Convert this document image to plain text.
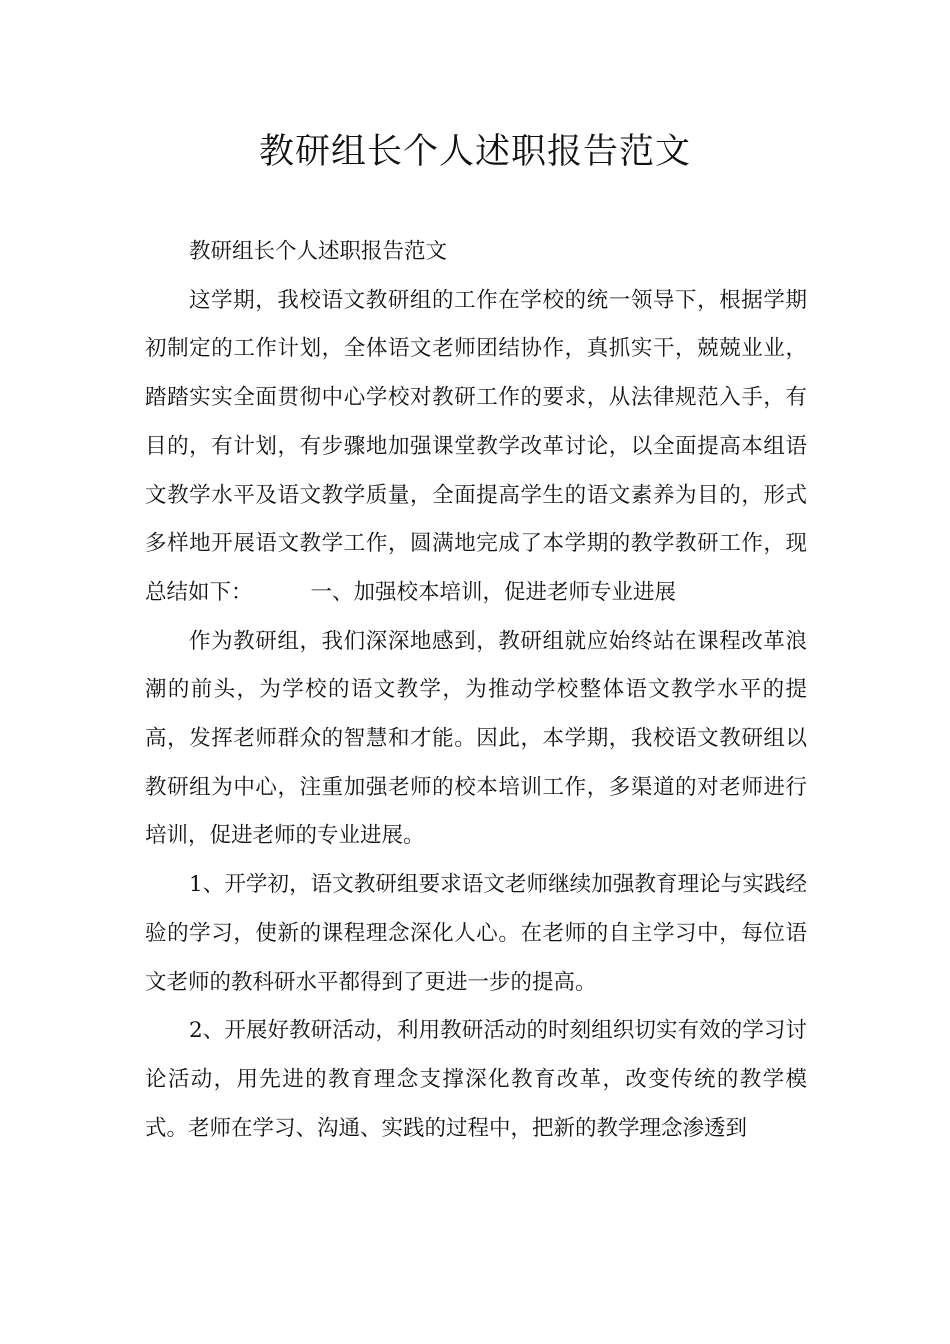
教研组长个人述职报告范文

教研组长个人述职报告范文

这学期，我校语文教研组的工作在学校的统一领导下，根据学期初制定的工作计划，全体语文老师团结协作，真抓实干，兢兢业业，踏踏实实全面贯彻中心学校对教研工作的要求，从法律规范入手，有目的，有计划，有步骤地加强课堂教学改革讨论，以全面提高本组语文教学水平及语文教学质量，全面提高学生的语文素养为目的，形式多样地开展语文教学工作，圆满地完成了本学期的教学教研工作，现总结如下：	一、加强校本培训，促进老师专业进展

作为教研组，我们深深地感到，教研组就应始终站在课程改革浪潮的前头，为学校的语文教学，为推动学校整体语文教学水平的提高，发挥老师群众的智慧和才能。因此，本学期，我校语文教研组以教研组为中心，注重加强老师的校本培训工作，多渠道的对老师进行培训，促进老师的专业进展。

1、开学初，语文教研组要求语文老师继续加强教育理论与实践经验的学习，使新的课程理念深化人心。在老师的自主学习中，每位语文老师的教科研水平都得到了更进一步的提高。

2、开展好教研活动，利用教研活动的时刻组织切实有效的学习讨论活动，用先进的教育理念支撑深化教育改革，改变传统的教学模式。老师在学习、沟通、实践的过程中，把新的教学理念渗透到
